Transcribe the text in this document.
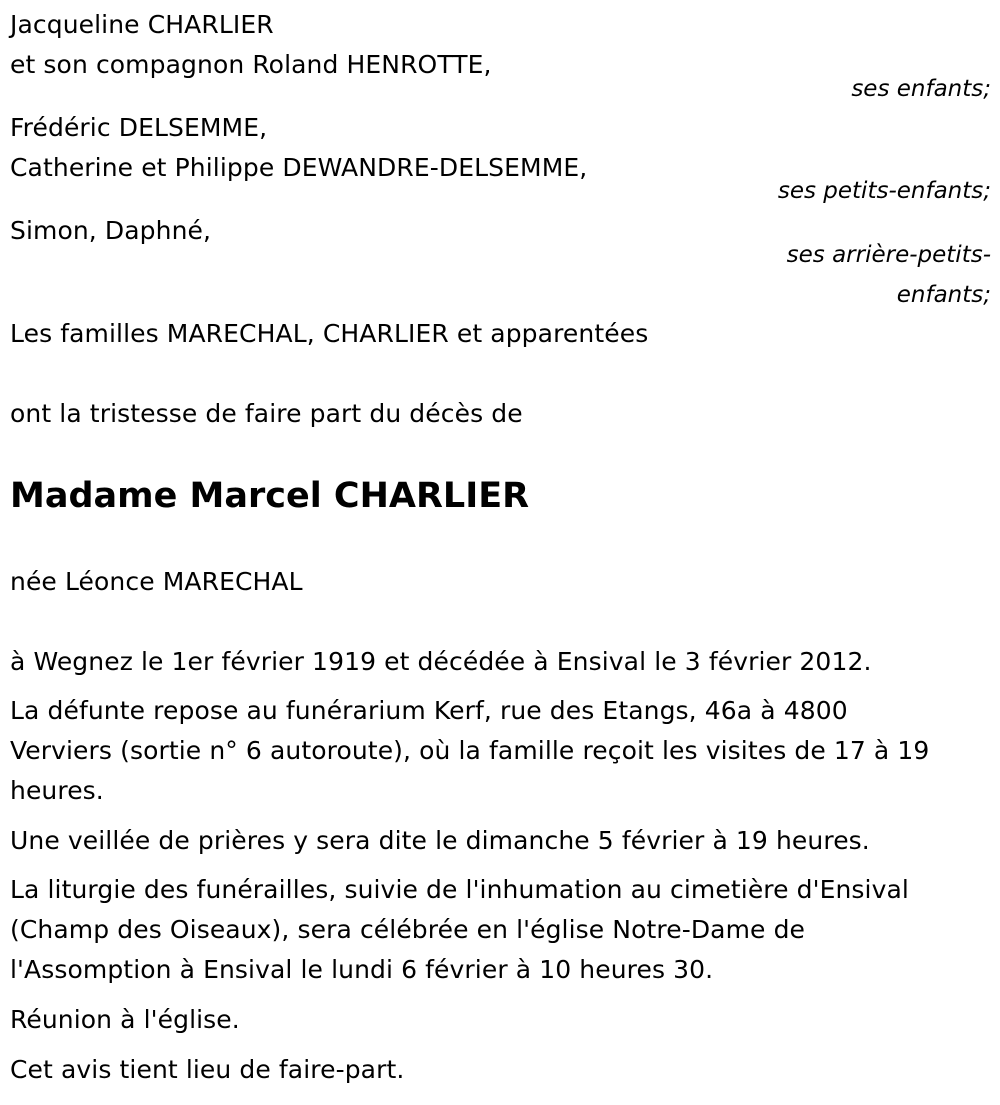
Jacqueline CHARLIER
et son compagnon Roland HENROTTE,
ses enfants;
Frédéric DELSEMME,
Catherine et Philippe DEWANDRE-DELSEMME,
ses petits-enfants;
Simon, Daphné,
ses arrière-petits-
enfants;
Les familles MARECHAL, CHARLIER et apparentées
ont la tristesse de faire part du décès de
Madame Marcel CHARLIER
née Léonce MARECHAL
à Wegnez le 1er février 1919 et décédée à Ensival le 3 février 2012.
La défunte repose au funérarium Kerf, rue des Etangs, 46a à 4800
Verviers (sortie n° 6 autoroute), où la famille reçoit les visites de 17 à 19
heures.
Une veillée de prières y sera dite le dimanche 5 février à 19 heures.
La liturgie des funérailles, suivie de l'inhumation au cimetière d'Ensival
(Champ des Oiseaux), sera célébrée en l'église Notre-Dame de
l'Assomption à Ensival le lundi 6 février à 10 heures 30.
Réunion à l'église.
Cet avis tient lieu de faire-part.
